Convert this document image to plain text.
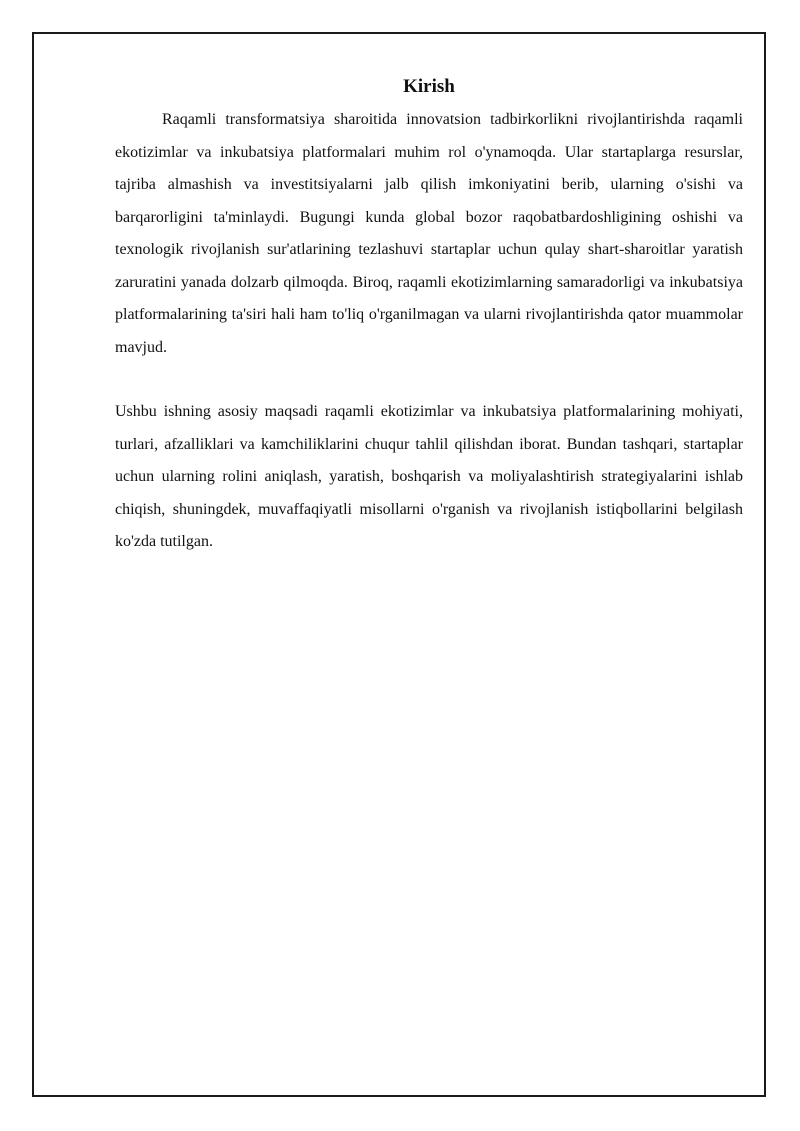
Kirish

Raqamli transformatsiya sharoitida innovatsion tadbirkorlikni rivojlantirishda raqamli ekotizimlar va inkubatsiya platformalari muhim rol o'ynamoqda. Ular startaplarga resurslar, tajriba almashish va investitsiyalarni jalb qilish imkoniyatini berib, ularning o'sishi va barqarorligini ta'minlaydi. Bugungi kunda global bozor raqobatbardoshligining oshishi va texnologik rivojlanish sur'atlarining tezlashuvi startaplar uchun qulay shart-sharoitlar yaratish zaruratini yanada dolzarb qilmoqda. Biroq, raqamli ekotizimlarning samaradorligi va inkubatsiya platformalarining ta'siri hali ham to'liq o'rganilmagan va ularni rivojlantirishda qator muammolar mavjud.

Ushbu ishning asosiy maqsadi raqamli ekotizimlar va inkubatsiya platformalarining mohiyati, turlari, afzalliklari va kamchiliklarini chuqur tahlil qilishdan iborat. Bundan tashqari, startaplar uchun ularning rolini aniqlash, yaratish, boshqarish va moliyalashtirish strategiyalarini ishlab chiqish, shuningdek, muvaffaqiyatli misollarni o'rganish va rivojlanish istiqbollarini belgilash ko'zda tutilgan.
